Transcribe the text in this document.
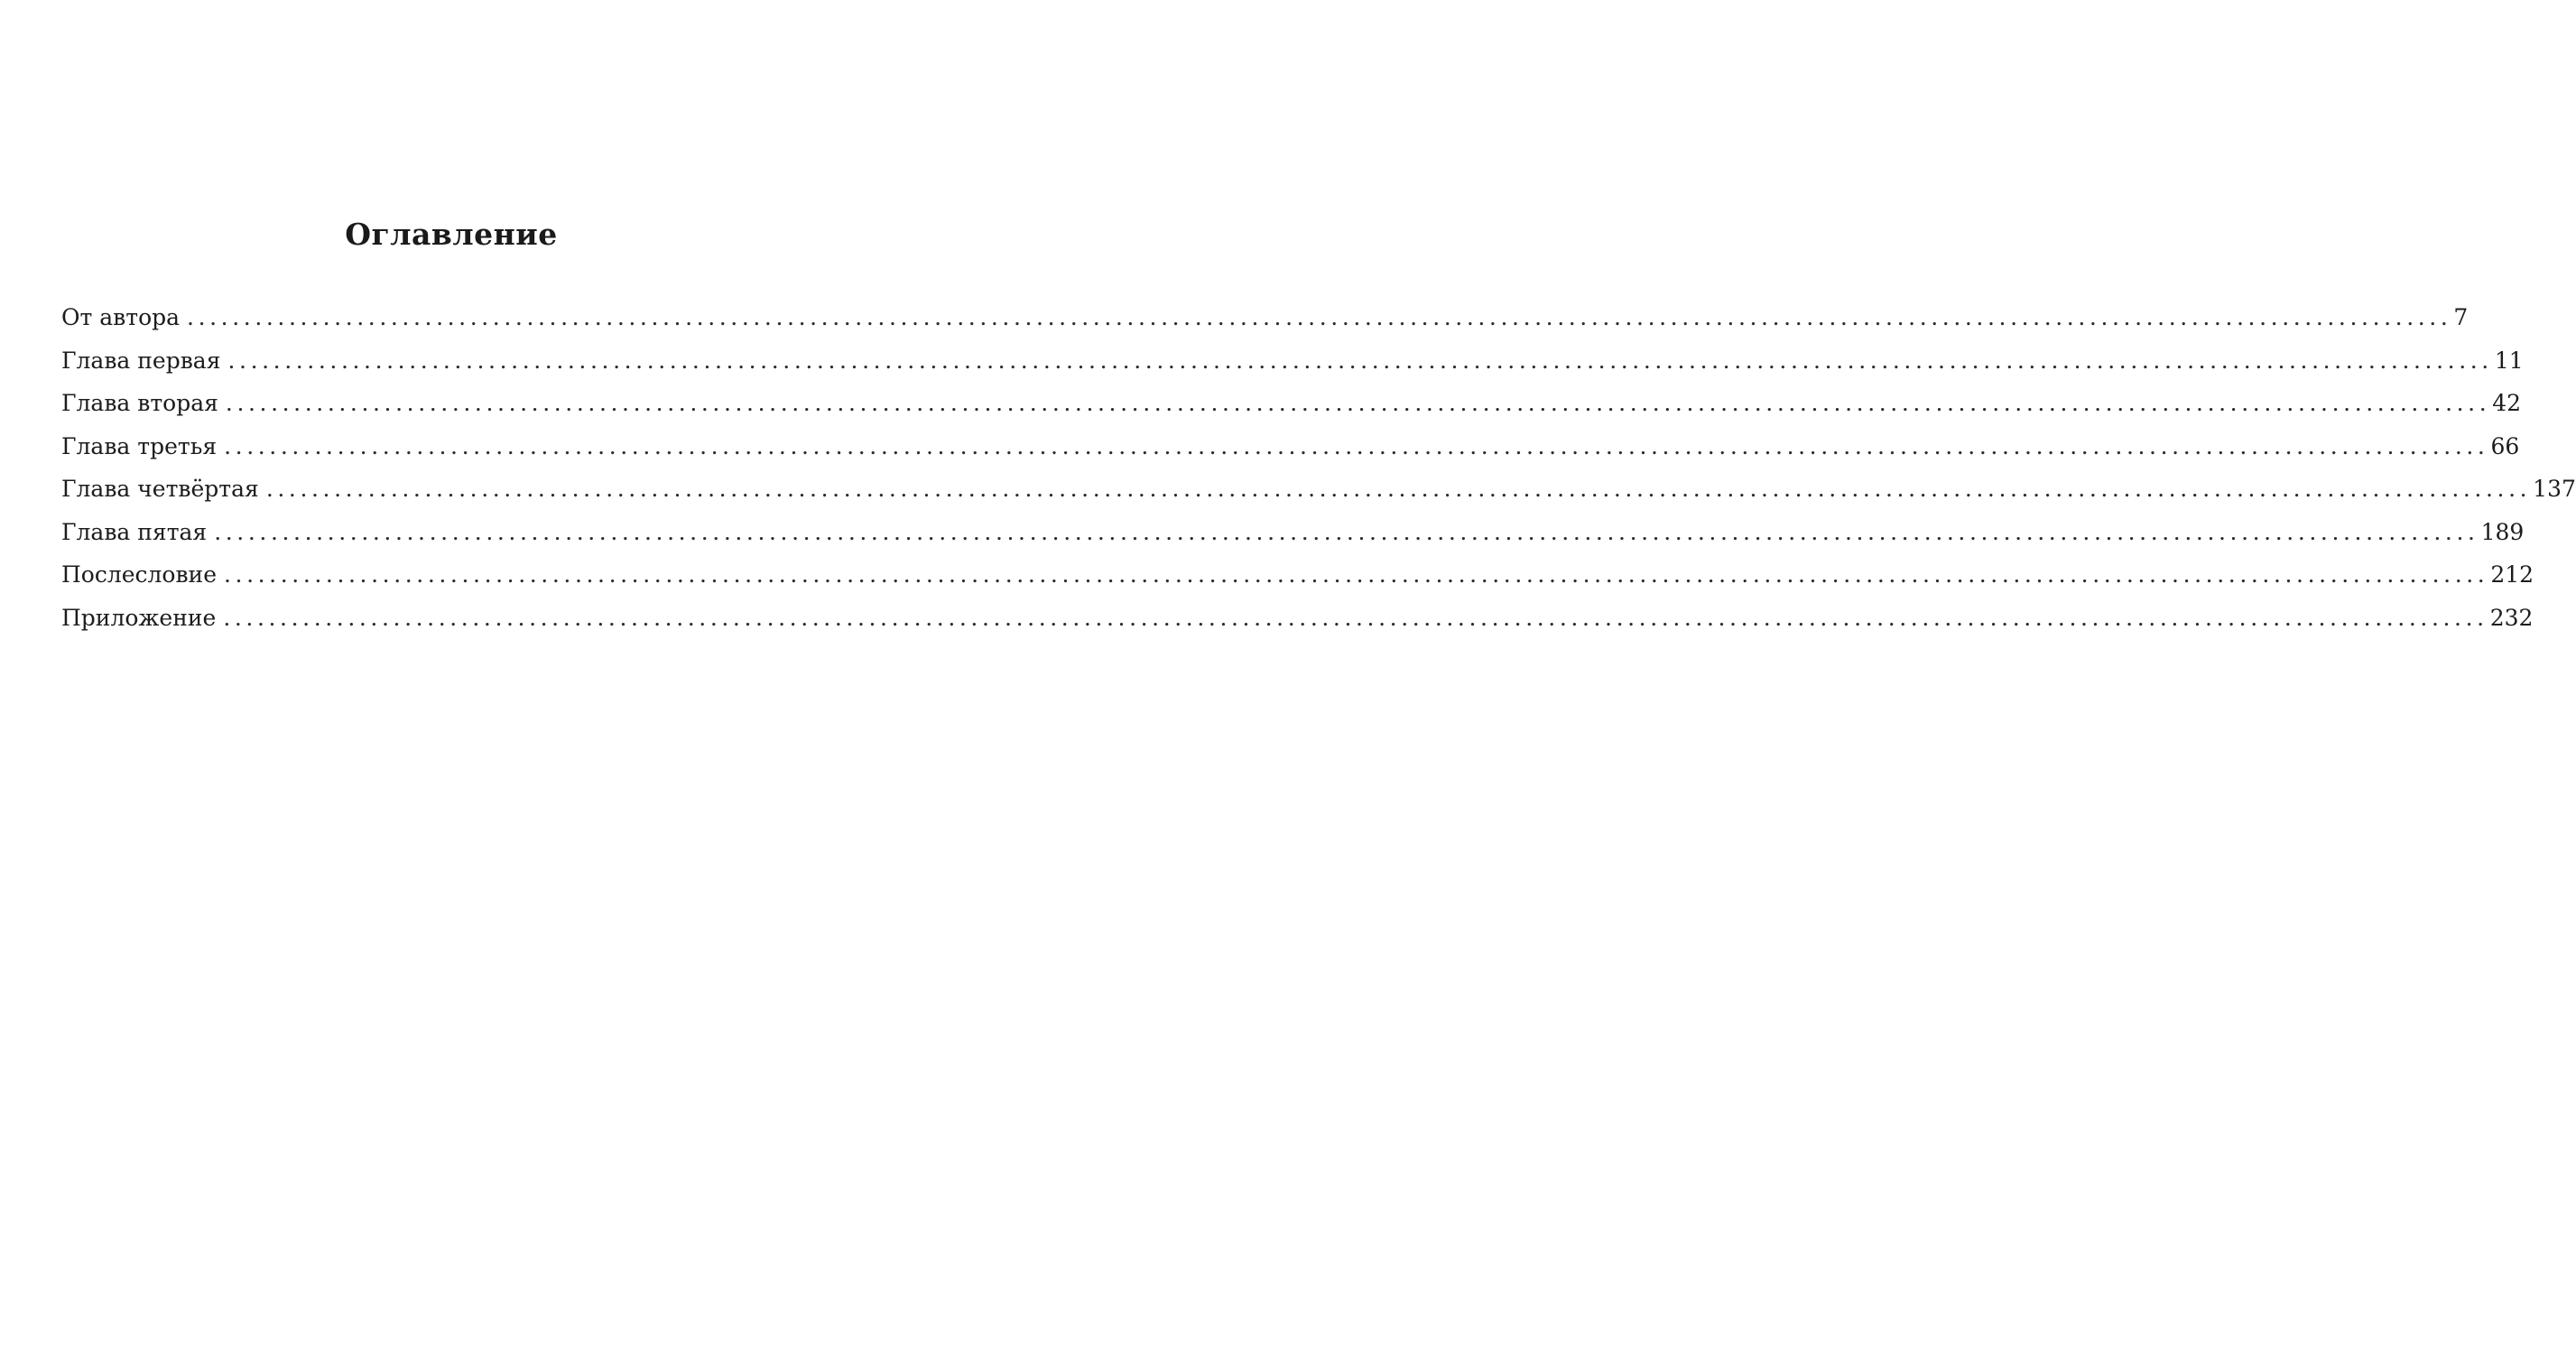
Оглавление
От автора ........................................................................................................................................................................................................ 7
Глава первая ........................................................................................................................................................................................................ 11
Глава вторая ........................................................................................................................................................................................................ 42
Глава третья ........................................................................................................................................................................................................ 66
Глава четвёртая ........................................................................................................................................................................................................ 137
Глава пятая ........................................................................................................................................................................................................ 189
Послесловие ........................................................................................................................................................................................................ 212
Приложение ........................................................................................................................................................................................................ 232
